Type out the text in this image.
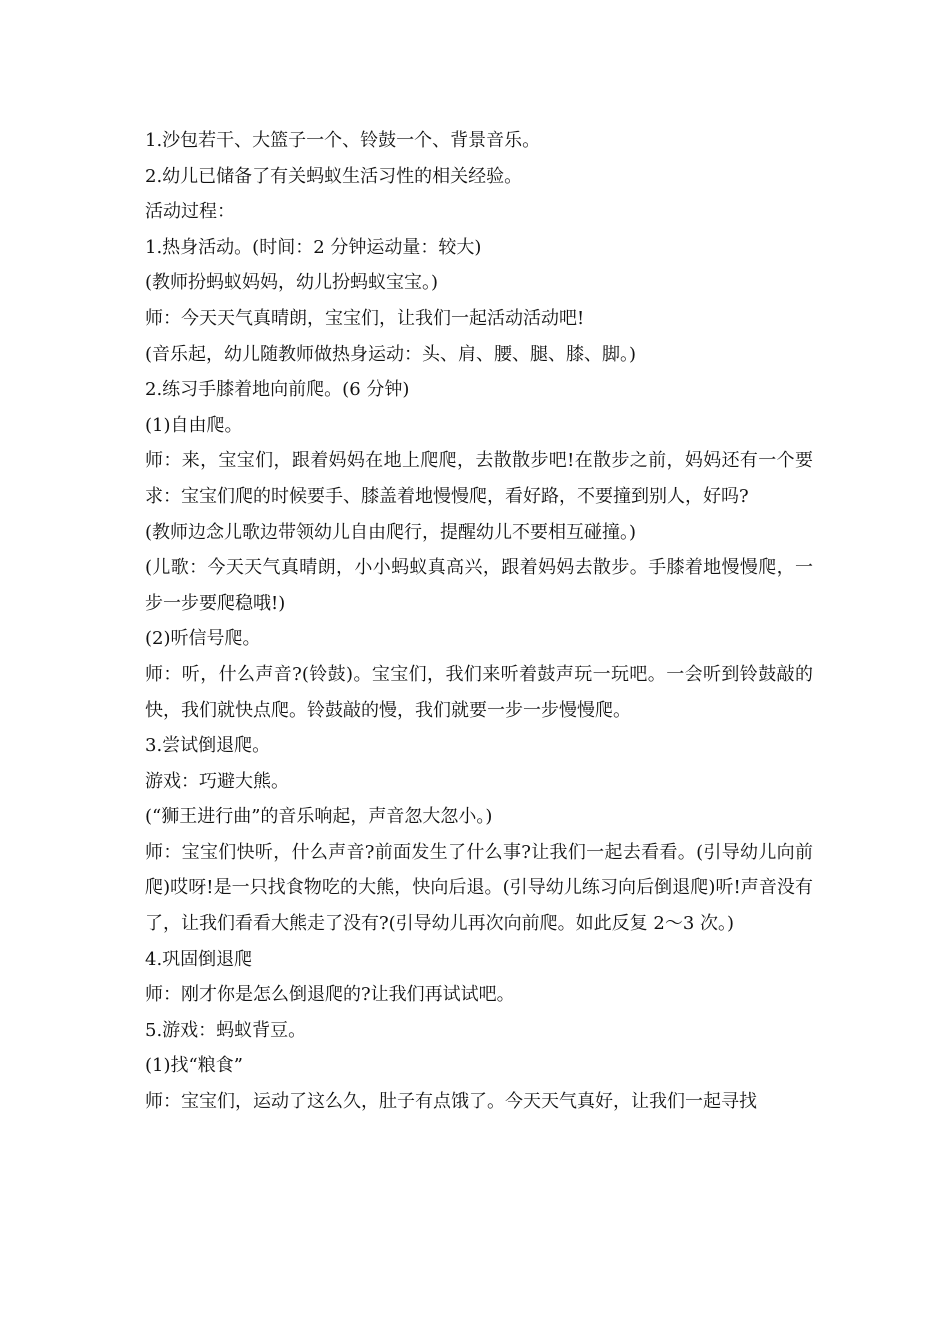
1.沙包若干、大篮子一个、铃鼓一个、背景音乐。

2.幼儿已储备了有关蚂蚁生活习性的相关经验。

活动过程：

1.热身活动。(时间：2 分钟运动量：较大)

(教师扮蚂蚁妈妈，幼儿扮蚂蚁宝宝。)

师：今天天气真晴朗，宝宝们，让我们一起活动活动吧!

(音乐起，幼儿随教师做热身运动：头、肩、腰、腿、膝、脚。)

2.练习手膝着地向前爬。(6 分钟)

(1)自由爬。

师：来，宝宝们，跟着妈妈在地上爬爬，去散散步吧!在散步之前，妈妈还有一个要求：宝宝们爬的时候要手、膝盖着地慢慢爬，看好路，不要撞到别人，好吗?

(教师边念儿歌边带领幼儿自由爬行，提醒幼儿不要相互碰撞。)

(儿歌：今天天气真晴朗，小小蚂蚁真高兴，跟着妈妈去散步。手膝着地慢慢爬，一步一步要爬稳哦!)

(2)听信号爬。

师：听，什么声音?(铃鼓)。宝宝们，我们来听着鼓声玩一玩吧。一会听到铃鼓敲的快，我们就快点爬。铃鼓敲的慢，我们就要一步一步慢慢爬。

3.尝试倒退爬。

游戏：巧避大熊。

(“狮王进行曲”的音乐响起，声音忽大忽小。)

师：宝宝们快听，什么声音?前面发生了什么事?让我们一起去看看。(引导幼儿向前爬)哎呀!是一只找食物吃的大熊，快向后退。(引导幼儿练习向后倒退爬)听!声音没有了，让我们看看大熊走了没有?(引导幼儿再次向前爬。如此反复 2～3 次。)

4.巩固倒退爬

师：刚才你是怎么倒退爬的?让我们再试试吧。

5.游戏：蚂蚁背豆。

(1)找“粮食”

师：宝宝们，运动了这么久，肚子有点饿了。今天天气真好，让我们一起寻找
